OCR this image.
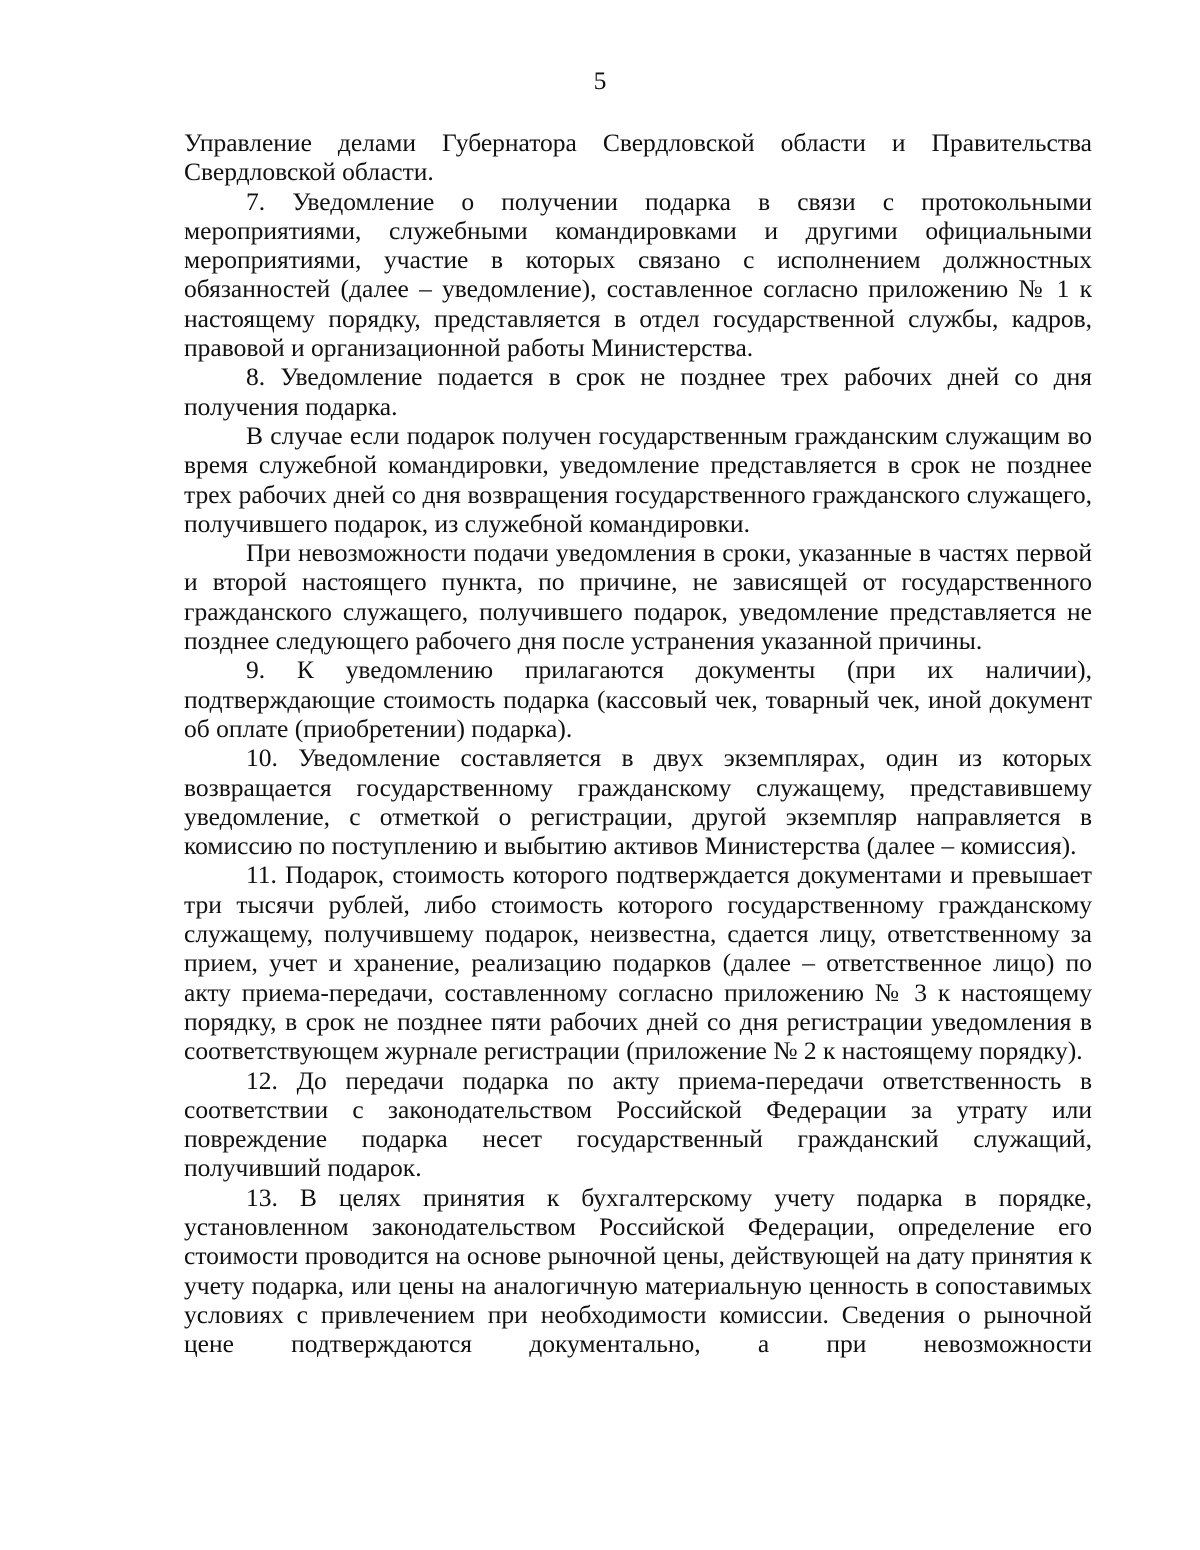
5

Управление делами Губернатора Свердловской области и Правительства Свердловской области.

7. Уведомление о получении подарка в связи с протокольными мероприятиями, служебными командировками и другими официальными мероприятиями, участие в которых связано с исполнением должностных обязанностей (далее – уведомление), составленное согласно приложению № 1 к настоящему порядку, представляется в отдел государственной службы, кадров, правовой и организационной работы Министерства.

8. Уведомление подается в срок не позднее трех рабочих дней со дня получения подарка.

В случае если подарок получен государственным гражданским служащим во время служебной командировки, уведомление представляется в срок не позднее трех рабочих дней со дня возвращения государственного гражданского служащего, получившего подарок, из служебной командировки.

При невозможности подачи уведомления в сроки, указанные в частях первой и второй настоящего пункта, по причине, не зависящей от государственного гражданского служащего, получившего подарок, уведомление представляется не позднее следующего рабочего дня после устранения указанной причины.

9. К уведомлению прилагаются документы (при их наличии), подтверждающие стоимость подарка (кассовый чек, товарный чек, иной документ об оплате (приобретении) подарка).

10. Уведомление составляется в двух экземплярах, один из которых возвращается государственному гражданскому служащему, представившему уведомление, с отметкой о регистрации, другой экземпляр направляется в комиссию по поступлению и выбытию активов Министерства (далее – комиссия).

11. Подарок, стоимость которого подтверждается документами и превышает три тысячи рублей, либо стоимость которого государственному гражданскому служащему, получившему подарок, неизвестна, сдается лицу, ответственному за прием, учет и хранение, реализацию подарков (далее – ответственное лицо) по акту приема-передачи, составленному согласно приложению № 3 к настоящему порядку, в срок не позднее пяти рабочих дней со дня регистрации уведомления в соответствующем журнале регистрации (приложение № 2 к настоящему порядку).

12. До передачи подарка по акту приема-передачи ответственность в соответствии с законодательством Российской Федерации за утрату или повреждение подарка несет государственный гражданский служащий, получивший подарок.

13. В целях принятия к бухгалтерскому учету подарка в порядке, установленном законодательством Российской Федерации, определение его стоимости проводится на основе рыночной цены, действующей на дату принятия к учету подарка, или цены на аналогичную материальную ценность в сопоставимых условиях с привлечением при необходимости комиссии. Сведения о рыночной цене подтверждаются документально, а при невозможности
